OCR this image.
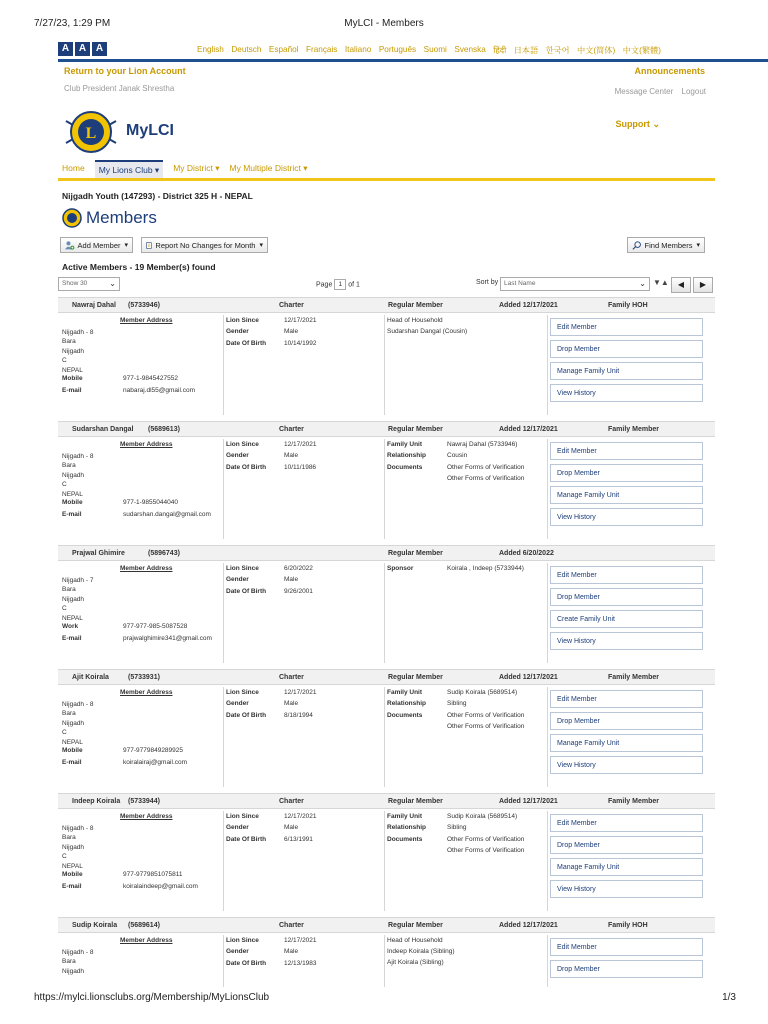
7/27/23, 1:29 PM	MyLCI - Members
A A A	English Deutsch Español Français Italiano Português Suomi Svenska हिंदी 日本語 한국어 中文(简体) 中文(繁體)
Return to your Lion Account	Announcements
Club President Janak Shrestha	Message Center Logout
L MyLCI	Support ⌄
Home	My Lions Club ▾	My District ▾ My Multiple District ▾
Nijgadh Youth (147293) - District 325 H - NEPAL
Members
Add Member ▾	Report No Changes for Month ▾	Find Members ▾
Active Members - 19 Member(s) found
Show 30	⌄	Page 1 of 1	Sort by Last Name	⌄ ▼▲	◀	▶
Nawraj Dahal (5733946)	Charter	Regular Member	Added 12/17/2021	Family HOH
Member Address
Nijgadh - 8
Bara
Nijgadh
C
NEPAL
Mobile	977-1-9845427552
E-mail	nabaraj.dl55@gmail.com
Lion Since	12/17/2021
Gender	Male
Date Of Birth	10/14/1992
Head of Household
Sudarshan Dangal (Cousin)
Edit Member
Drop Member
Manage Family Unit
View History
Sudarshan Dangal (5689613)	Charter	Regular Member	Added 12/17/2021	Family Member
Member Address
Nijgadh - 8
Bara
Nijgadh
C
NEPAL
Mobile	977-1-9855044040
E-mail	sudarshan.dangal@gmail.com
Lion Since	12/17/2021
Gender	Male
Date Of Birth	10/11/1986
Family Unit	Nawraj Dahal (5733946)
Relationship	Cousin
Documents	Other Forms of Verification
Other Forms of Verification
Edit Member
Drop Member
Manage Family Unit
View History
Prajwal Ghimire	(5896743)	Regular Member	Added 6/20/2022
Member Address
Nijgadh - 7
Bara
Nijgadh
C
NEPAL
Work	977-977-985-5087528
E-mail	prajwalghimire341@gmail.com
Lion Since	6/20/2022
Gender	Male
Date Of Birth	9/26/2001
Sponsor	Koirala , Indeep (5733944)
Edit Member
Drop Member
Create Family Unit
View History
Ajit Koirala	(5733931)	Charter	Regular Member	Added 12/17/2021	Family Member
Member Address
Nijgadh - 8
Bara
Nijgadh
C
NEPAL
Mobile	977-9779849289925
E-mail	koiralairaj@gmail.com
Lion Since	12/17/2021
Gender	Male
Date Of Birth	8/18/1994
Family Unit	Sudip Koirala (5689514)
Relationship	Sibling
Documents	Other Forms of Verification
Other Forms of Verification
Edit Member
Drop Member
Manage Family Unit
View History
Indeep Koirala (5733944)	Charter	Regular Member	Added 12/17/2021	Family Member
Member Address
Nijgadh - 8
Bara
Nijgadh
C
NEPAL
Mobile	977-9779851075811
E-mail	koiralaindeep@gmail.com
Lion Since	12/17/2021
Gender	Male
Date Of Birth	6/13/1991
Family Unit	Sudip Koirala (5689514)
Relationship	Sibling
Documents	Other Forms of Verification
Other Forms of Verification
Edit Member
Drop Member
Manage Family Unit
View History
Sudip Koirala (5689614)	Charter	Regular Member	Added 12/17/2021	Family HOH
Member Address
Nijgadh - 8
Bara
Nijgadh
Lion Since	12/17/2021
Gender	Male
Date Of Birth	12/13/1983
Head of Household
Indeep Koirala (Sibling)
Ajit Koirala (Sibling)
Edit Member
Drop Member
https://mylci.lionsclubs.org/Membership/MyLionsClub	1/3
